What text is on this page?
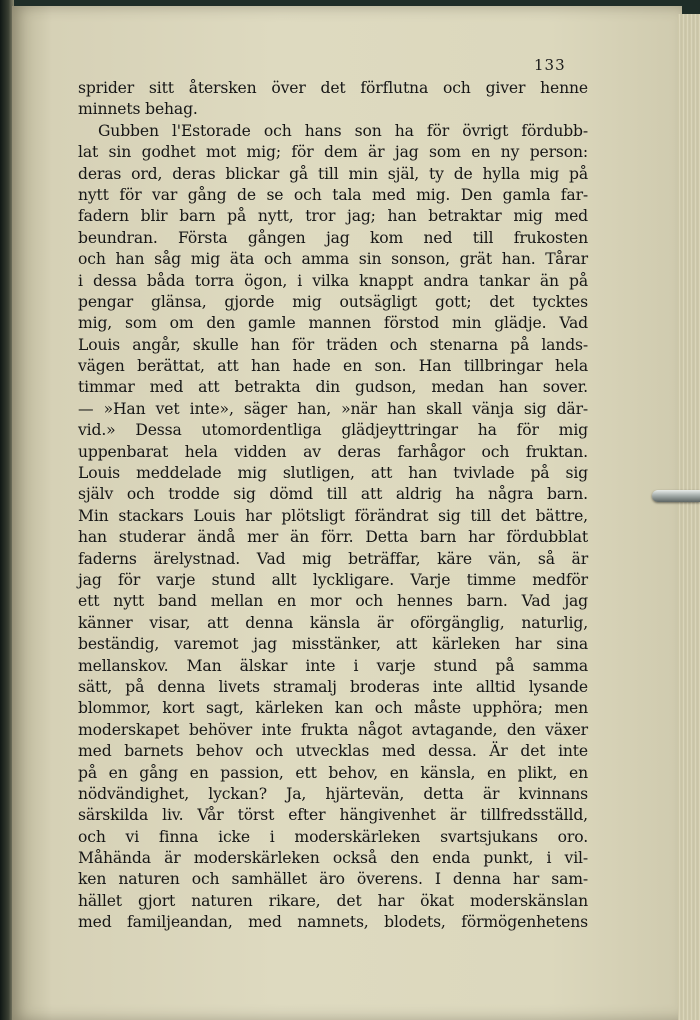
133
sprider sitt återsken över det förflutna och giver henne
minnets behag.
Gubben l'Estorade och hans son ha för övrigt fördubb-
lat sin godhet mot mig; för dem är jag som en ny person:
deras ord, deras blickar gå till min själ, ty de hylla mig på
nytt för var gång de se och tala med mig. Den gamla far-
fadern blir barn på nytt, tror jag; han betraktar mig med
beundran. Första gången jag kom ned till frukosten
och han såg mig äta och amma sin sonson, grät han. Tårar
i dessa båda torra ögon, i vilka knappt andra tankar än på
pengar glänsa, gjorde mig outsägligt gott; det tycktes
mig, som om den gamle mannen förstod min glädje. Vad
Louis angår, skulle han för träden och stenarna på lands-
vägen berättat, att han hade en son. Han tillbringar hela
timmar med att betrakta din gudson, medan han sover.
— »Han vet inte», säger han, »när han skall vänja sig där-
vid.» Dessa utomordentliga glädjeyttringar ha för mig
uppenbarat hela vidden av deras farhågor och fruktan.
Louis meddelade mig slutligen, att han tvivlade på sig
själv och trodde sig dömd till att aldrig ha några barn.
Min stackars Louis har plötsligt förändrat sig till det bättre,
han studerar ändå mer än förr. Detta barn har fördubblat
faderns ärelystnad. Vad mig beträffar, käre vän, så är
jag för varje stund allt lyckligare. Varje timme medför
ett nytt band mellan en mor och hennes barn. Vad jag
känner visar, att denna känsla är oförgänglig, naturlig,
beständig, varemot jag misstänker, att kärleken har sina
mellanskov. Man älskar inte i varje stund på samma
sätt, på denna livets stramalj broderas inte alltid lysande
blommor, kort sagt, kärleken kan och måste upphöra; men
moderskapet behöver inte frukta något avtagande, den växer
med barnets behov och utvecklas med dessa. Är det inte
på en gång en passion, ett behov, en känsla, en plikt, en
nödvändighet, lyckan? Ja, hjärtevän, detta är kvinnans
särskilda liv. Vår törst efter hängivenhet är tillfredsställd,
och vi finna icke i moderskärleken svartsjukans oro.
Måhända är moderskärleken också den enda punkt, i vil-
ken naturen och samhället äro överens. I denna har sam-
hället gjort naturen rikare, det har ökat moderskänslan
med familjeandan, med namnets, blodets, förmögenhetens
